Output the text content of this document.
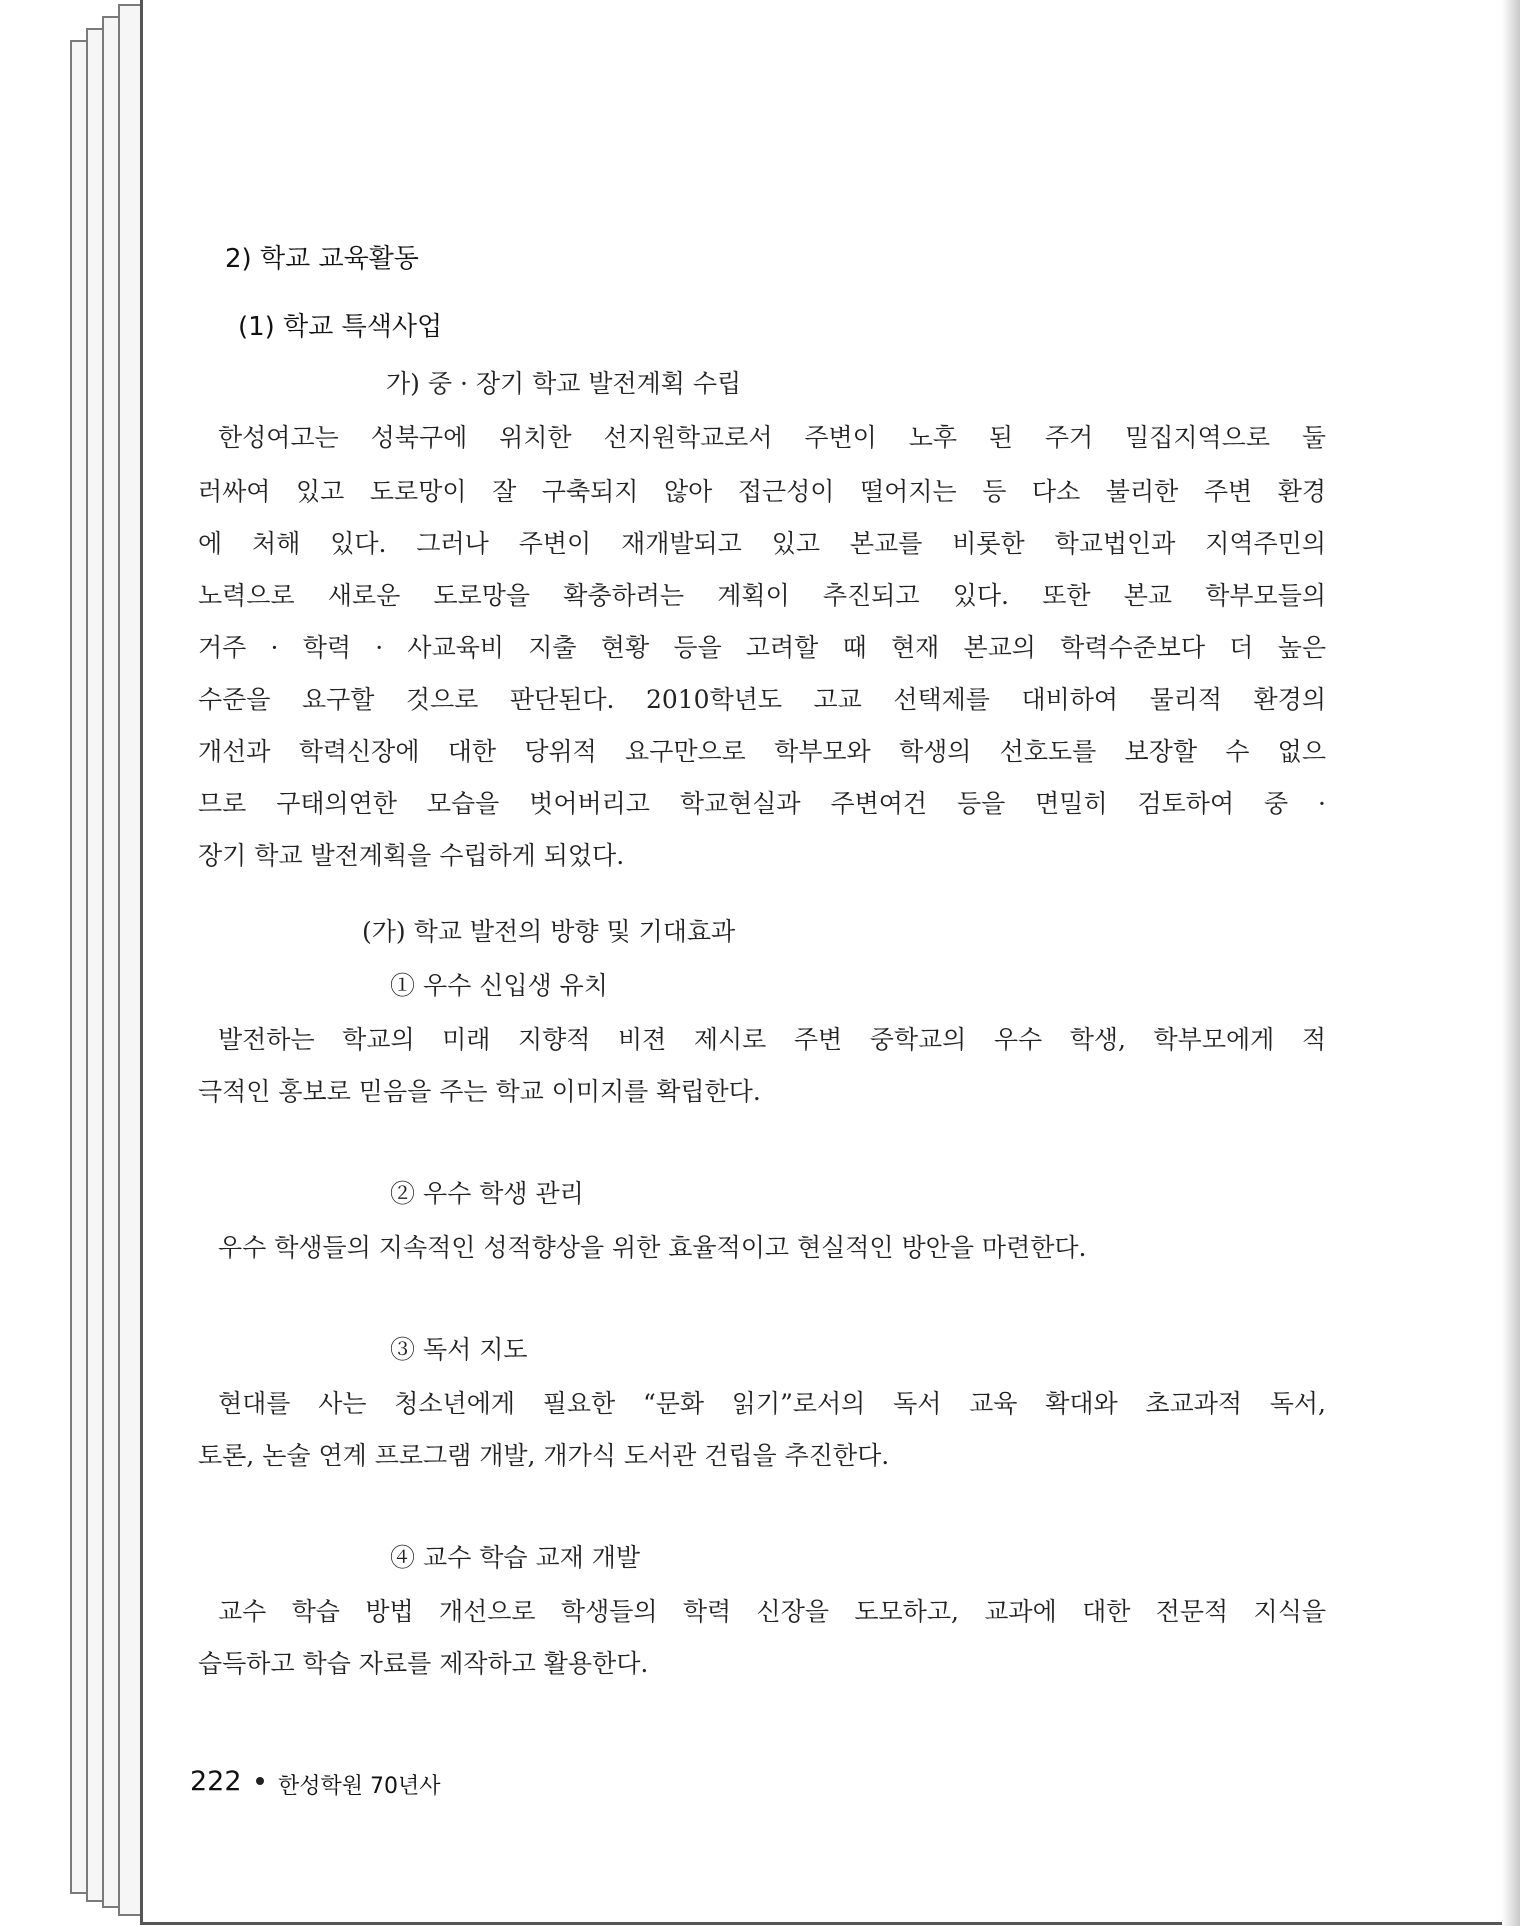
2) 학교 교육활동
(1) 학교 특색사업
가) 중 · 장기 학교 발전계획 수립
한성여고는 성북구에 위치한 선지원학교로서 주변이 노후 된 주거 밀집지역으로 둘
러싸여 있고 도로망이 잘 구축되지 않아 접근성이 떨어지는 등 다소 불리한 주변 환경
에 처해 있다. 그러나 주변이 재개발되고 있고 본교를 비롯한 학교법인과 지역주민의
노력으로 새로운 도로망을 확충하려는 계획이 추진되고 있다. 또한 본교 학부모들의
거주 · 학력 · 사교육비 지출 현황 등을 고려할 때 현재 본교의 학력수준보다 더 높은
수준을 요구할 것으로 판단된다. 2010학년도 고교 선택제를 대비하여 물리적 환경의
개선과 학력신장에 대한 당위적 요구만으로 학부모와 학생의 선호도를 보장할 수 없으
므로 구태의연한 모습을 벗어버리고 학교현실과 주변여건 등을 면밀히 검토하여 중 ·
장기 학교 발전계획을 수립하게 되었다.
(가) 학교 발전의 방향 및 기대효과
① 우수 신입생 유치
발전하는 학교의 미래 지향적 비젼 제시로 주변 중학교의 우수 학생, 학부모에게 적
극적인 홍보로 믿음을 주는 학교 이미지를 확립한다.
② 우수 학생 관리
우수 학생들의 지속적인 성적향상을 위한 효율적이고 현실적인 방안을 마련한다.
③ 독서 지도
현대를 사는 청소년에게 필요한 “문화 읽기”로서의 독서 교육 확대와 초교과적 독서,
토론, 논술 연계 프로그램 개발, 개가식 도서관 건립을 추진한다.
④ 교수 학습 교재 개발
교수 학습 방법 개선으로 학생들의 학력 신장을 도모하고, 교과에 대한 전문적 지식을
습득하고 학습 자료를 제작하고 활용한다.
222 한성학원 70년사
